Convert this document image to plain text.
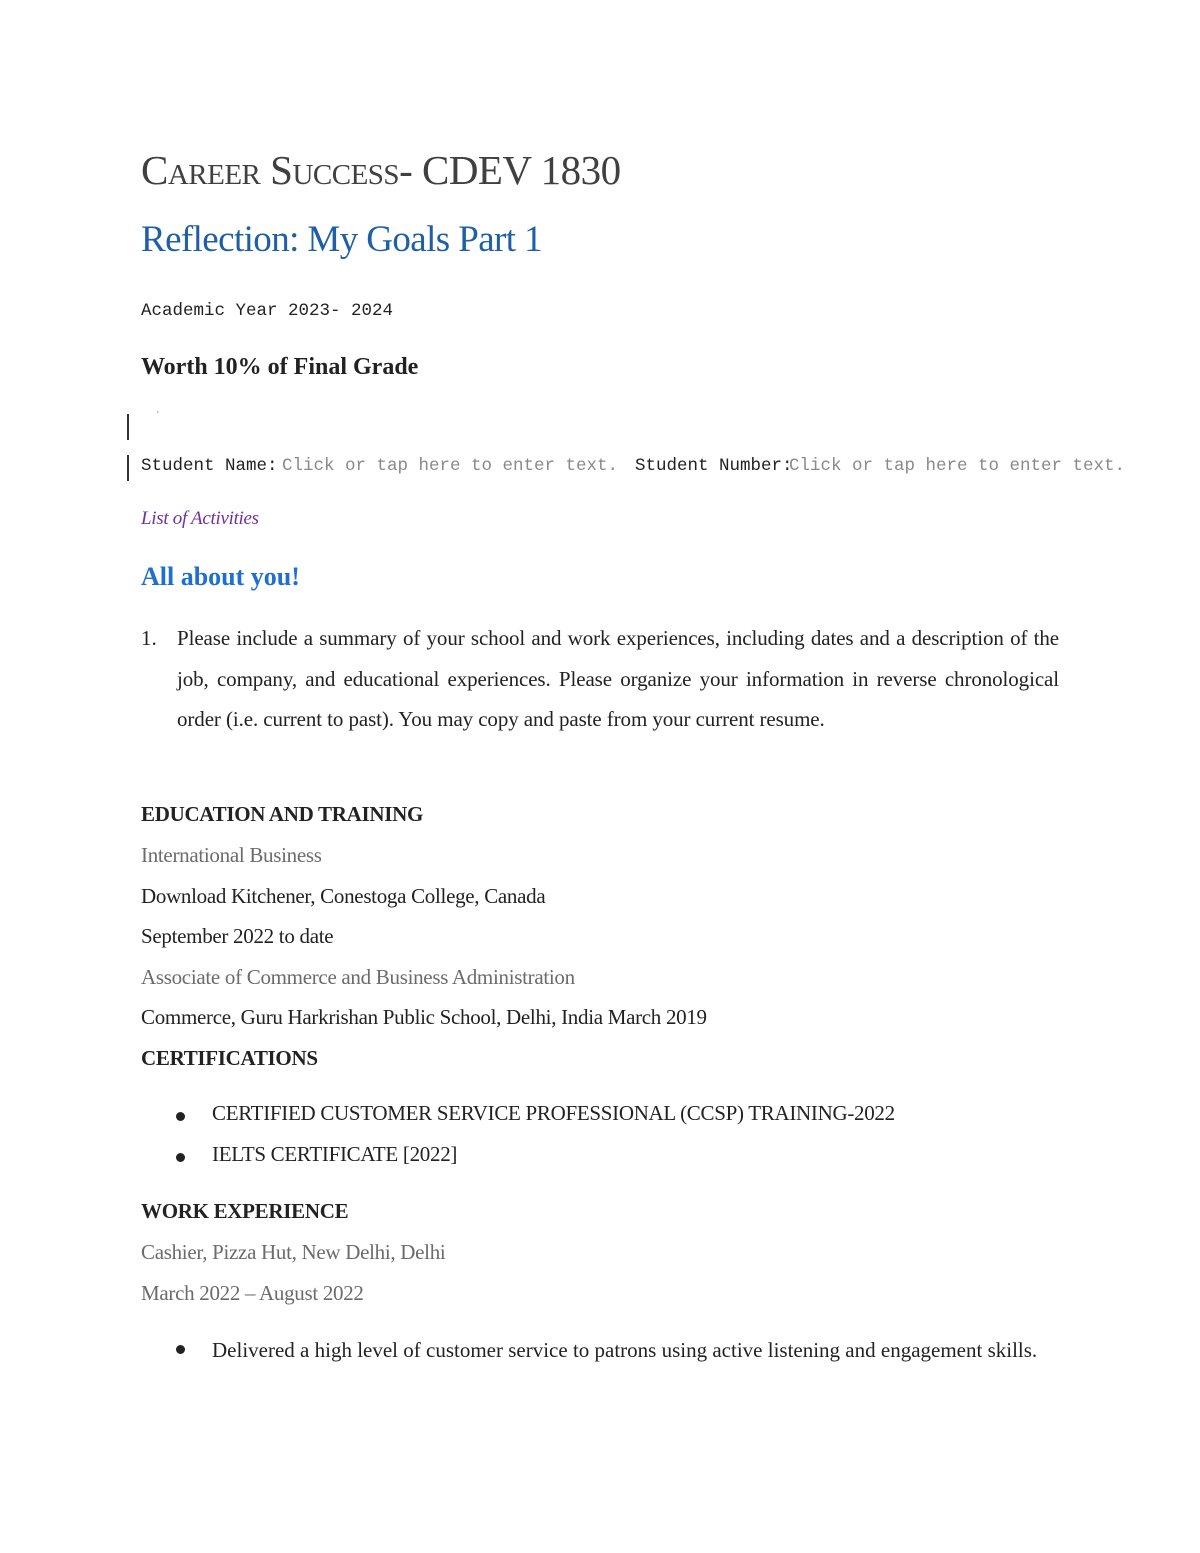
Career Success- CDEV 1830
Reflection: My Goals Part 1
Academic Year 2023- 2024
Worth 10% of Final Grade
'
Student Name: Click or tap here to enter text. Student Number:
Click or tap here to enter text.
List of Activities
All about you!
1. Please include a summary of your school and work experiences, including dates and a description of the job, company, and educational experiences. Please organize your information in reverse chronological order (i.e. current to past). You may copy and paste from your current resume.
EDUCATION AND TRAINING
International Business
Download Kitchener, Conestoga College, Canada
September 2022 to date
Associate of Commerce and Business Administration
Commerce, Guru Harkrishan Public School, Delhi, India March 2019
CERTIFICATIONS
CERTIFIED CUSTOMER SERVICE PROFESSIONAL (CCSP) TRAINING-2022
IELTS CERTIFICATE [2022]
WORK EXPERIENCE
Cashier, Pizza Hut, New Delhi, Delhi
March 2022 – August 2022
Delivered a high level of customer service to patrons using active listening and engagement skills.
